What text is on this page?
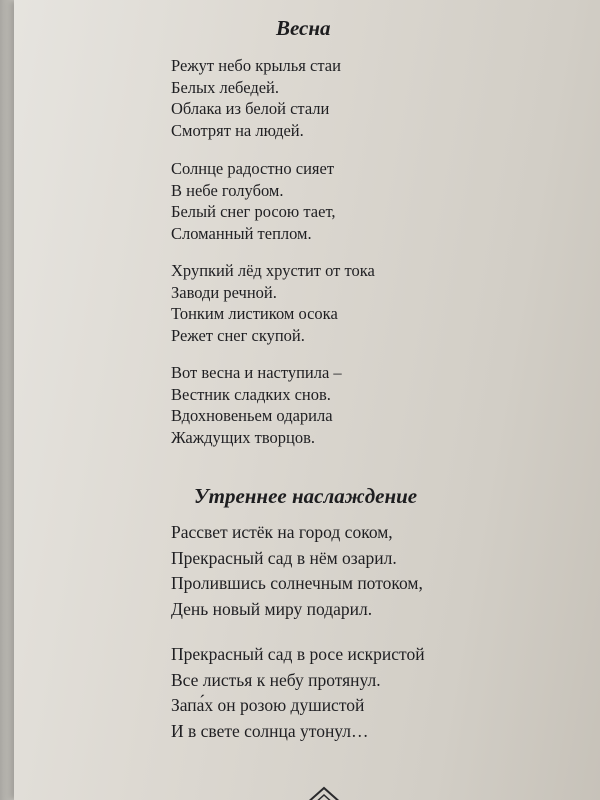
Весна
Режут небо крылья стаи
Белых лебедей.
Облака из белой стали
Смотрят на людей.
Солнце радостно сияет
В небе голубом.
Белый снег росою тает,
Сломанный теплом.
Хрупкий лёд хрустит от тока
Заводи речной.
Тонким листиком осока
Режет снег скупой.
Вот весна и наступила –
Вестник сладких снов.
Вдохновеньем одарила
Жаждущих творцов.
Утреннее наслаждение
Рассвет истёк на город соком,
Прекрасный сад в нём озарил.
Пролившись солнечным потоком,
День новый миру подарил.
Прекрасный сад в росе искристой
Все листья к небу протянул.
Запа́х он розою душистой
И в свете солнца утонул…
